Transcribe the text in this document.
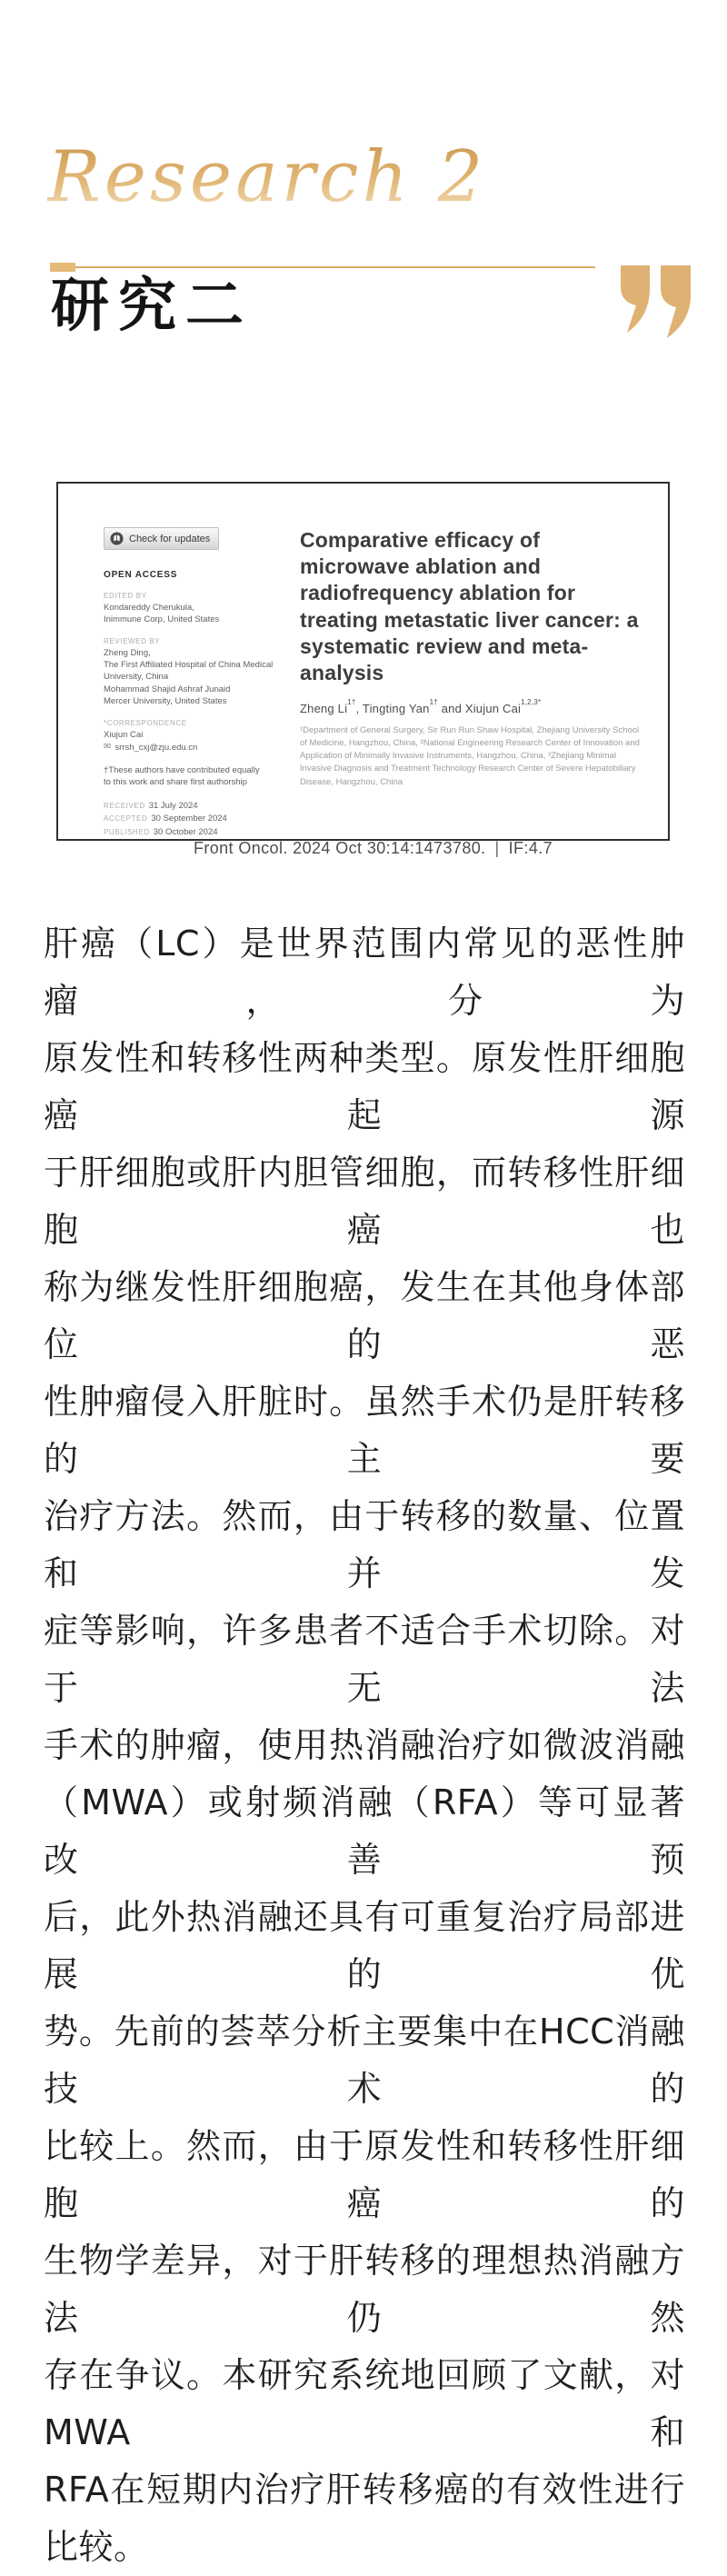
Research 2
研究二
Check for updates
OPEN ACCESS
EDITED BY
Kondareddy Cherukula,
Inimmune Corp, United States
REVIEWED BY
Zheng Ding,
The First Affiliated Hospital of China Medical University, China
Mohammad Shajid Ashraf Junaid
Mercer University, United States
*CORRESPONDENCE
Xiujun Cai
✉ srrsh_cxj@zju.edu.cn
†These authors have contributed equally to this work and share first authorship
RECEIVED 31 July 2024
ACCEPTED 30 September 2024
PUBLISHED 30 October 2024
Comparative efficacy of microwave ablation and radiofrequency ablation for treating metastatic liver cancer: a systematic review and meta-analysis
Zheng $Li^{1\dagger}$, Tingting Yan$^{1\dagger}$ and Xiujun Cai$^{1,2,3*}$

¹Department of General Surgery, Sir Run Run Shaw Hospital, Zhejiang University School of Medicine, Hangzhou, China, ²National Engineering Research Center of Innovation and Application of Minimally Invasive Instruments, Hangzhou, China, ³Zhejiang Minimal Invasive Diagnosis and Treatment Technology Research Center of Severe Hepatobiliary Disease, Hangzhou, China

Front Oncol. 2024 Oct 30:14:1473780. | IF:4.7
肝癌（LC）是世界范围内常见的恶性肿瘤，分为
原发性和转移性两种类型。原发性肝细胞癌起源
于肝细胞或肝内胆管细胞，而转移性肝细胞癌也
称为继发性肝细胞癌，发生在其他身体部位的恶
性肿瘤侵入肝脏时。虽然手术仍是肝转移的主要
治疗方法。然而，由于转移的数量、位置和并发
症等影响，许多患者不适合手术切除。对于无法
手术的肿瘤，使用热消融治疗如微波消融
（MWA）或射频消融（RFA）等可显著改善预
后，此外热消融还具有可重复治疗局部进展的优
势。先前的荟萃分析主要集中在HCC消融技术的
比较上。然而，由于原发性和转移性肝细胞癌的
生物学差异，对于肝转移的理想热消融方法仍然
存在争议。本研究系统地回顾了文献，对MWA和
RFA在短期内治疗肝转移癌的有效性进行比较。
